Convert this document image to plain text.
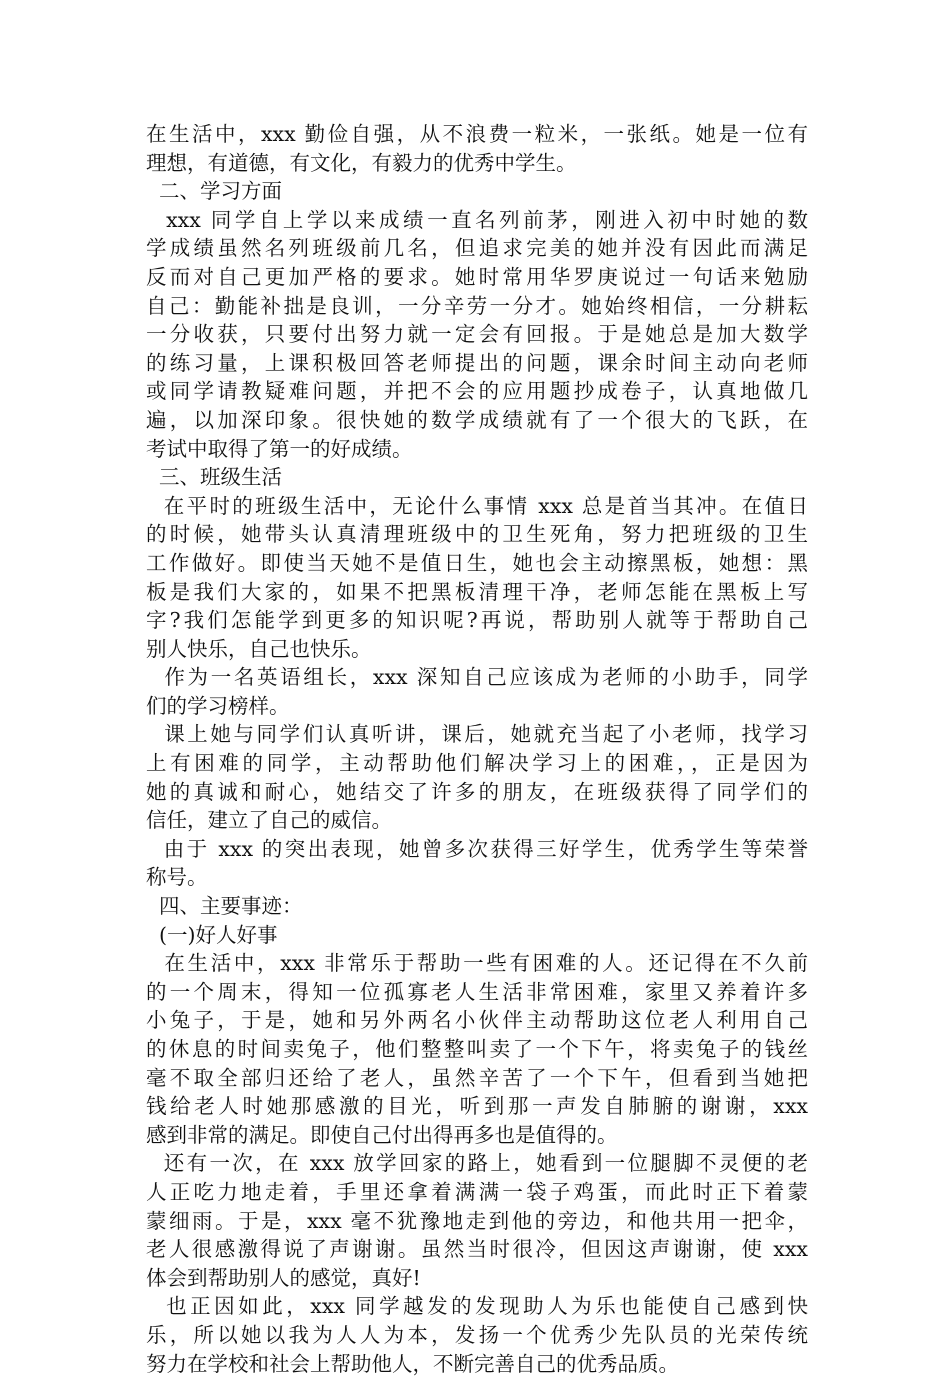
在生活中，xxx 勤俭自强，从不浪费一粒米，一张纸。她是一位有
理想，有道德，有文化，有毅力的优秀中学生。
二、学习方面
xxx 同学自上学以来成绩一直名列前茅，刚进入初中时她的数
学成绩虽然名列班级前几名，但追求完美的她并没有因此而满足
反而对自己更加严格的要求。她时常用华罗庚说过一句话来勉励
自己：勤能补拙是良训，一分辛劳一分才。她始终相信，一分耕耘
一分收获，只要付出努力就一定会有回报。于是她总是加大数学
的练习量，上课积极回答老师提出的问题，课余时间主动向老师
或同学请教疑难问题，并把不会的应用题抄成卷子，认真地做几
遍，以加深印象。很快她的数学成绩就有了一个很大的飞跃，在
考试中取得了第一的好成绩。
三、班级生活
在平时的班级生活中，无论什么事情 xxx 总是首当其冲。在值日
的时候，她带头认真清理班级中的卫生死角，努力把班级的卫生
工作做好。即使当天她不是值日生，她也会主动擦黑板，她想：黑
板是我们大家的，如果不把黑板清理干净，老师怎能在黑板上写
字?我们怎能学到更多的知识呢?再说，帮助别人就等于帮助自己
别人快乐，自己也快乐。
作为一名英语组长，xxx 深知自己应该成为老师的小助手，同学
们的学习榜样。
课上她与同学们认真听讲，课后，她就充当起了小老师，找学习
上有困难的同学，主动帮助他们解决学习上的困难，，正是因为
她的真诚和耐心，她结交了许多的朋友，在班级获得了同学们的
信任，建立了自己的威信。
由于 xxx 的突出表现，她曾多次获得三好学生，优秀学生等荣誉
称号。
四、主要事迹：
(一)好人好事
在生活中，xxx 非常乐于帮助一些有困难的人。还记得在不久前
的一个周末，得知一位孤寡老人生活非常困难，家里又养着许多
小兔子，于是，她和另外两名小伙伴主动帮助这位老人利用自己
的休息的时间卖兔子，他们整整叫卖了一个下午，将卖兔子的钱丝
毫不取全部归还给了老人，虽然辛苦了一个下午，但看到当她把
钱给老人时她那感激的目光，听到那一声发自肺腑的谢谢，xxx
感到非常的满足。即使自己付出得再多也是值得的。
还有一次，在 xxx 放学回家的路上，她看到一位腿脚不灵便的老
人正吃力地走着，手里还拿着满满一袋子鸡蛋，而此时正下着蒙
蒙细雨。于是，xxx 毫不犹豫地走到他的旁边，和他共用一把伞，
老人很感激得说了声谢谢。虽然当时很冷，但因这声谢谢，使 xxx
体会到帮助别人的感觉，真好!
也正因如此，xxx 同学越发的发现助人为乐也能使自己感到快
乐，所以她以我为人人为本，发扬一个优秀少先队员的光荣传统
努力在学校和社会上帮助他人，不断完善自己的优秀品质。
